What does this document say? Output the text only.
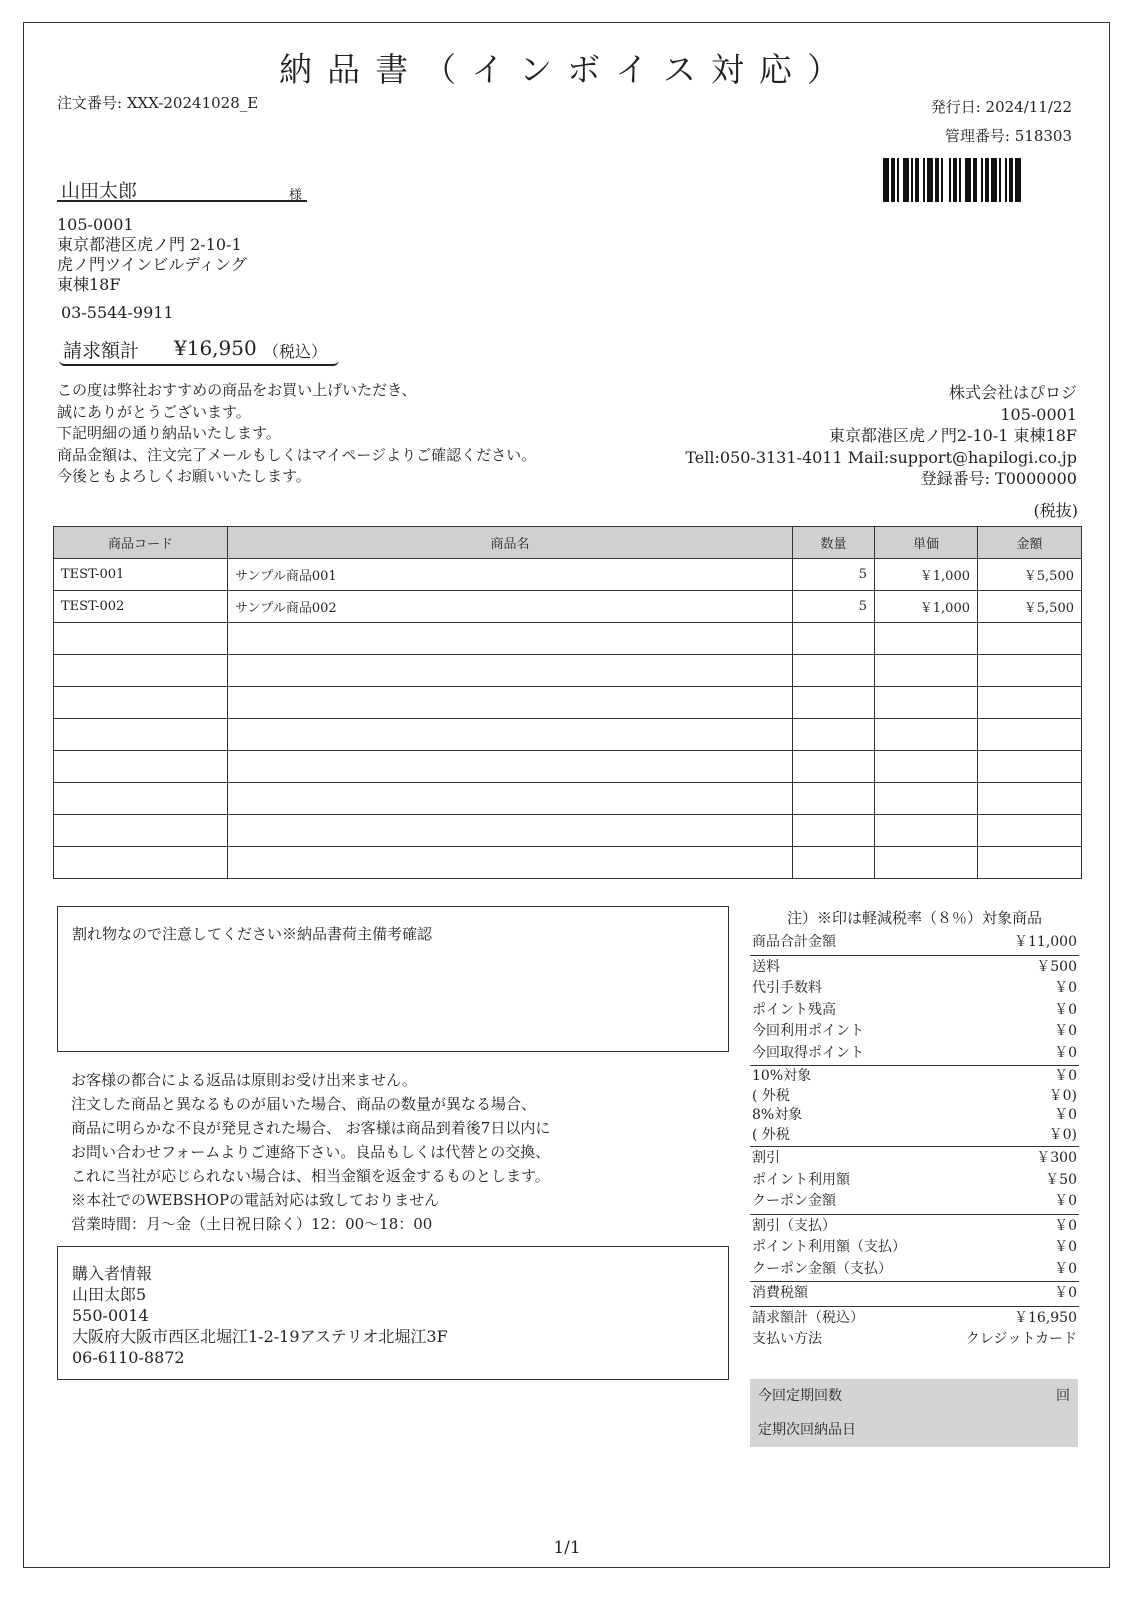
納品書（インボイス対応）
注文番号: XXX-20241028_E	発行日: 2024/11/22
管理番号: 518303
山田太郎	様
105-0001
東京都港区虎ノ門 2-10-1
虎ノ門ツインビルディング
東棟18F
03-5544-9911
請求額計 ¥16,950 （税込）
この度は弊社おすすめの商品をお買い上げいただき、
誠にありがとうございます。
下記明細の通り納品いたします。
商品金額は、注文完了メールもしくはマイページよりご確認ください。
今後ともよろしくお願いいたします。
株式会社はぴロジ
105-0001
東京都港区虎ノ門2-10-1 東棟18F
Tell:050-3131-4011 Mail:support@hapilogi.co.jp
登録番号: T0000000
(税抜)
商品コード	商品名	数量	単価	金額
TEST-001	サンプル商品001	5	￥1,000	￥5,500
TEST-002	サンプル商品002	5	￥1,000	￥5,500

割れ物なので注意してください※納品書荷主備考確認
お客様の都合による返品は原則お受け出来ません。
注文した商品と異なるものが届いた場合、商品の数量が異なる場合、
商品に明らかな不良が発見された場合、 お客様は商品到着後7日以内に
お問い合わせフォームよりご連絡下さい。良品もしくは代替との交換、
これに当社が応じられない場合は、相当金額を返金するものとします。
※本社でのWEBSHOPの電話対応は致しておりません
営業時間：月～金（土日祝日除く）12：00～18：00
購入者情報
山田太郎5
550-0014
大阪府大阪市西区北堀江1-2-19アステリオ北堀江3F
06-6110-8872
注）※印は軽減税率（８％）対象商品
商品合計金額	￥11,000
送料	￥500
代引手数料	￥0
ポイント残高	￥0
今回利用ポイント	￥0
今回取得ポイント	￥0
10%対象	￥0
( 外税	￥0)
8%対象	￥0
( 外税	￥0)
割引	￥300
ポイント利用額	￥50
クーポン金額	￥0
割引（支払）	￥0
ポイント利用額（支払）	￥0
クーポン金額（支払）	￥0
消費税額	￥0
請求額計（税込）	￥16,950
支払い方法	クレジットカード
今回定期回数	回
定期次回納品日
1/1
